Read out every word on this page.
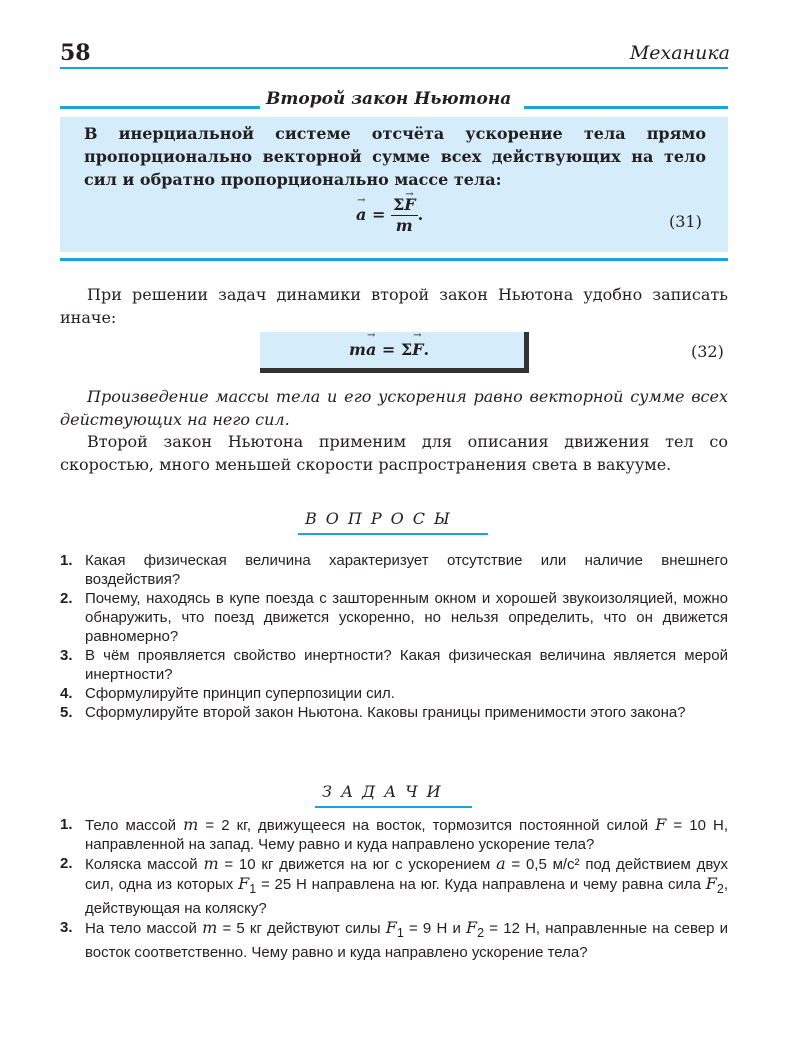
58	Механика
Второй закон Ньютона
В инерциальной системе отсчёта ускорение тела прямо пропорционально векторной сумме всех действующих на тело сил и обратно пропорционально массе тела:
→ $a = \frac{\Sigma\to F}{m}$ .	(31)
При решении задач динамики второй закон Ньютона удобно записать иначе:
m→ a = Σ→ F.	(32)
Произведение массы тела и его ускорения равно векторной сумме всех действующих на него сил.
Второй закон Ньютона применим для описания движения тел со скоростью, много меньшей скорости распространения света в вакууме.
ВОПРОСЫ
1. Какая физическая величина характеризует отсутствие или наличие внешнего воздействия?
2. Почему, находясь в купе поезда с зашторенным окном и хорошей звукоизоляцией, можно обнаружить, что поезд движется ускоренно, но нельзя определить, что он движется равномерно?
3. В чём проявляется свойство инертности? Какая физическая величина является мерой инертности?
4. Сформулируйте принцип суперпозиции сил.
5. Сформулируйте второй закон Ньютона. Каковы границы применимости этого закона?
ЗАДАЧИ
1. Тело массой m = 2 кг, движущееся на восток, тормозится постоянной силой F = 10 Н, направленной на запад. Чему равно и куда направлено ускорение тела?
2. Коляска массой m = 10 кг движется на юг с ускорением a = 0,5 м/с² под действием двух сил, одна из которых $F_1 = 25$ Н направлена на юг. Куда направлена и чему равна сила $F_2$, действующая на коляску?
3. На тело массой m = 5 кг действуют силы $F_1 = 9$ Н и $F_2 = 12$ Н, направленные на север и восток соответственно. Чему равно и куда направлено ускорение тела?
